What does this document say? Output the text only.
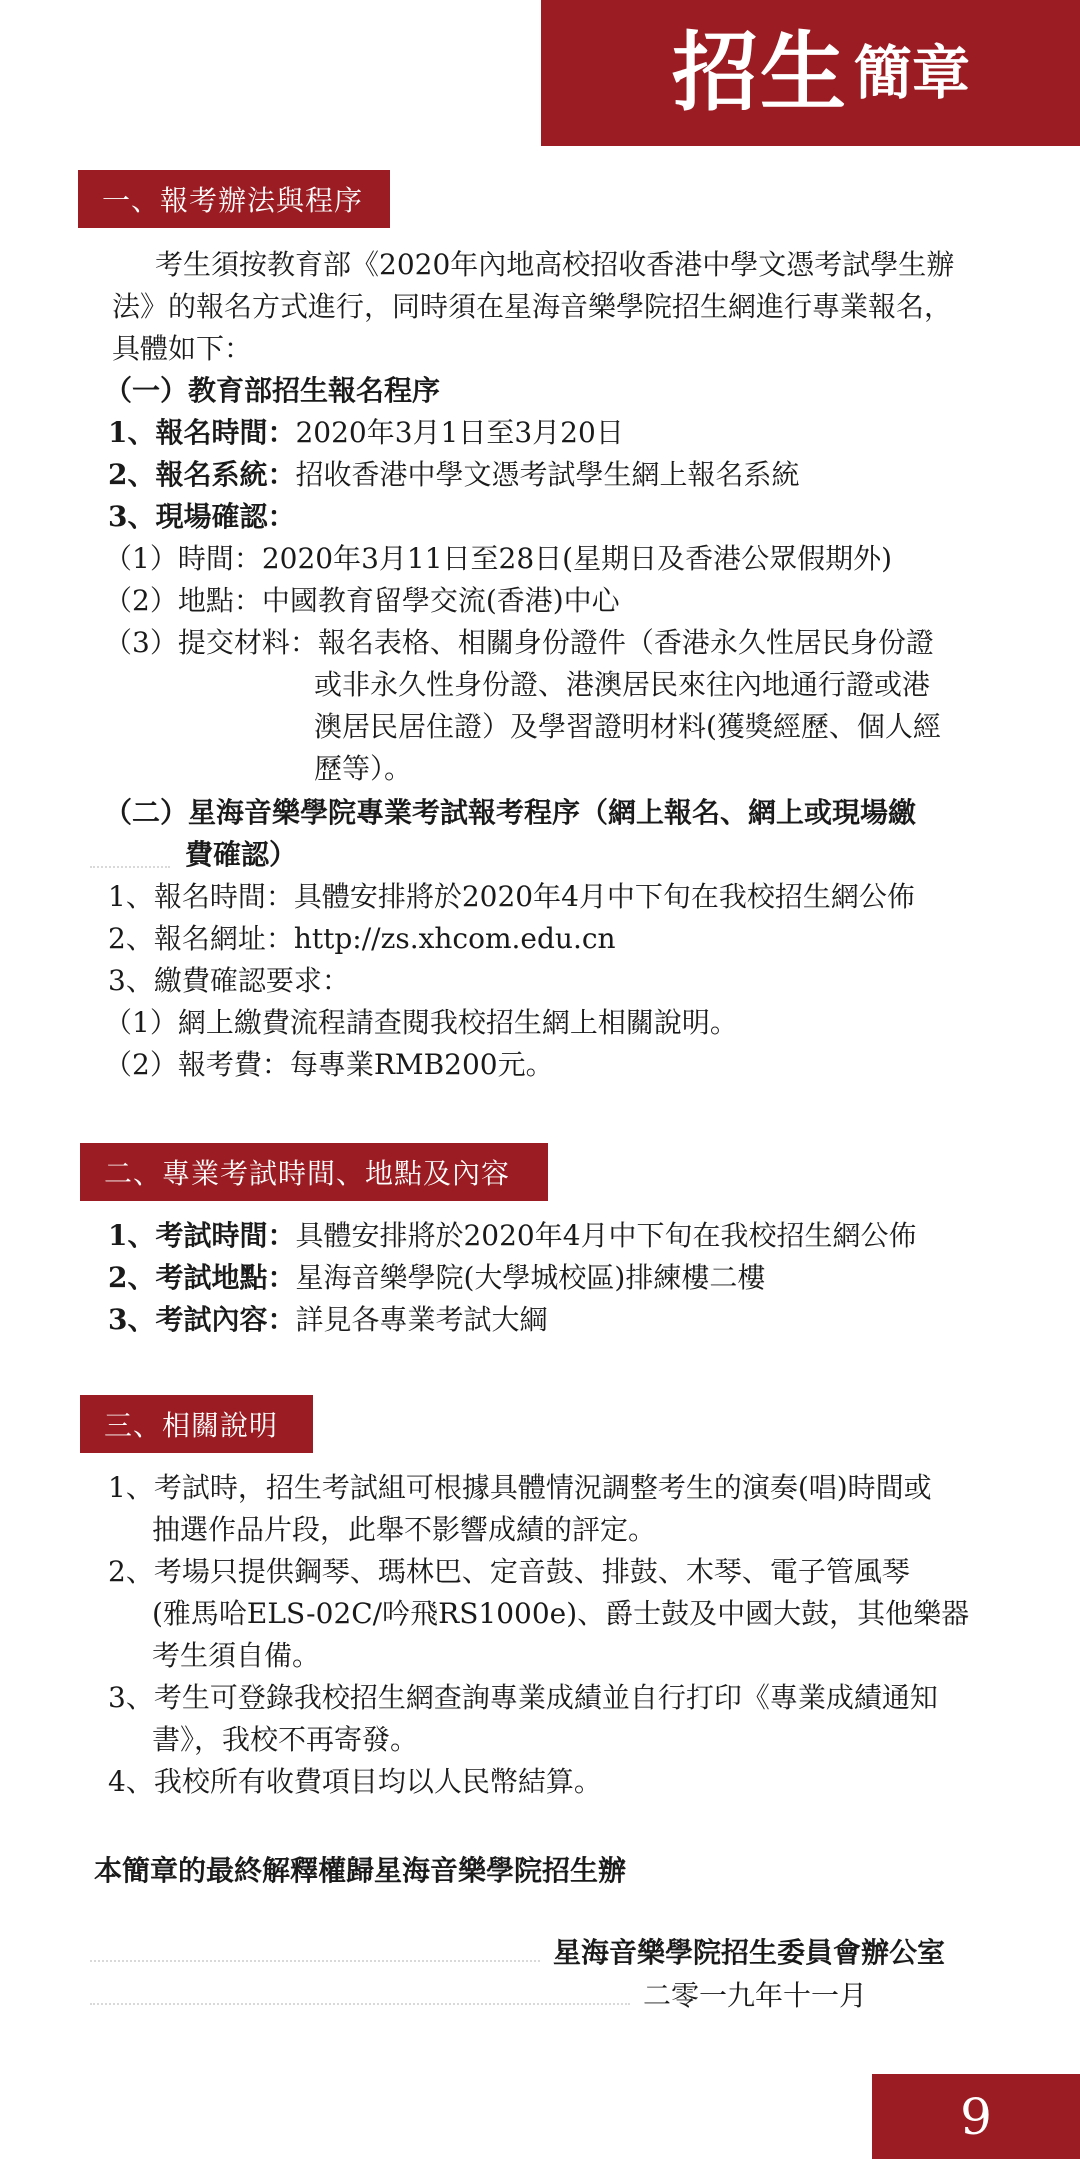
招生 簡章
一、報考辦法與程序
考生須按教育部《2020年內地高校招收香港中學文憑考試學生辦
法》的報名方式進行，同時須在星海音樂學院招生網進行專業報名，
具體如下：
（一）教育部招生報名程序
1、報名時間：2020年3月1日至3月20日
2、報名系統：招收香港中學文憑考試學生網上報名系統
3、現場確認：
（1）時間：2020年3月11日至28日(星期日及香港公眾假期外)
（2）地點：中國教育留學交流(香港)中心
（3）提交材料：報名表格、相關身份證件（香港永久性居民身份證
或非永久性身份證、港澳居民來往內地通行證或港
澳居民居住證）及學習證明材料(獲獎經歷、個人經
歷等）。
（二）星海音樂學院專業考試報考程序（網上報名、網上或現場繳
費確認）
1、報名時間：具體安排將於2020年4月中下旬在我校招生網公佈
2、報名網址：http://zs.xhcom.edu.cn
3、繳費確認要求：
（1）網上繳費流程請查閱我校招生網上相關說明。
（2）報考費：每專業RMB200元。
二、專業考試時間、地點及內容
1、考試時間：具體安排將於2020年4月中下旬在我校招生網公佈
2、考試地點：星海音樂學院(大學城校區)排練樓二樓
3、考試內容：詳見各專業考試大綱
三、相關說明
1、考試時，招生考試組可根據具體情況調整考生的演奏(唱)時間或
抽選作品片段，此舉不影響成績的評定。
2、考場只提供鋼琴、瑪林巴、定音鼓、排鼓、木琴、電子管風琴
(雅馬哈ELS-02C/吟飛RS1000e)、爵士鼓及中國大鼓，其他樂器
考生須自備。
3、考生可登錄我校招生網查詢專業成績並自行打印《專業成績通知
書》，我校不再寄發。
4、我校所有收費項目均以人民幣結算。
本簡章的最終解釋權歸星海音樂學院招生辦
星海音樂學院招生委員會辦公室
二零一九年十一月
9
